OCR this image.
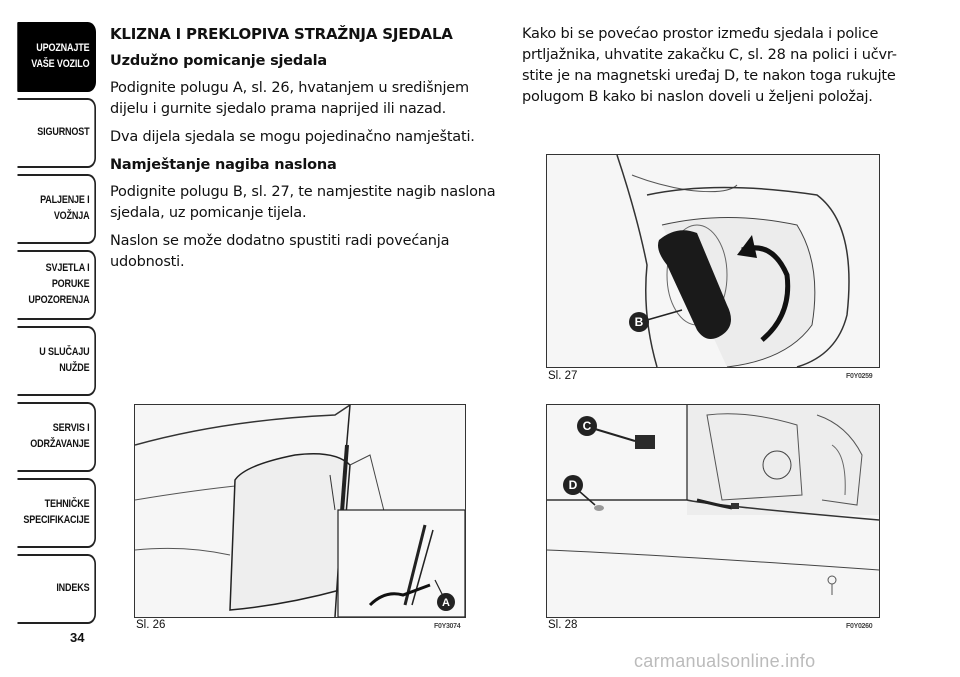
UPOZNAJTE
VAŠE VOZILO
SIGURNOST
PALJENJE I
VOŽNJA
SVJETLA I PORUKE
UPOZORENJA
U SLUČAJU
NUŽDE
SERVIS I
ODRŽAVANJE
TEHNIČKE
SPECIFIKACIJE
INDEKS
34
KLIZNA I PREKLOPIVA STRAŽNJA SJEDALA
Uzdužno pomicanje sjedala

Podignite polugu A, sl. 26, hvatanjem u središnjem dijelu i gurnite sjedalo prama naprijed ili nazad.

Dva dijela sjedala se mogu pojedinačno namještati.

Namještanje nagiba naslona

Podignite polugu B, sl. 27, te namjestite nagib naslona sjedala, uz pomicanje tijela.

Naslon se može dodatno spustiti radi povećanja udobnosti.

Kako bi se povećao prostor između sjedala i police prtljažnika, uhvatite zakačku C, sl. 28 na polici i učvr-stite je na magnetski uređaj D, te nakon toga rukujte polugom B kako bi naslon doveli u željeni položaj.

A
Sl. 26	F0Y3074
B
Sl. 27	F0Y0259
C
D
Sl. 28	F0Y0260
carmanualsonline.info
